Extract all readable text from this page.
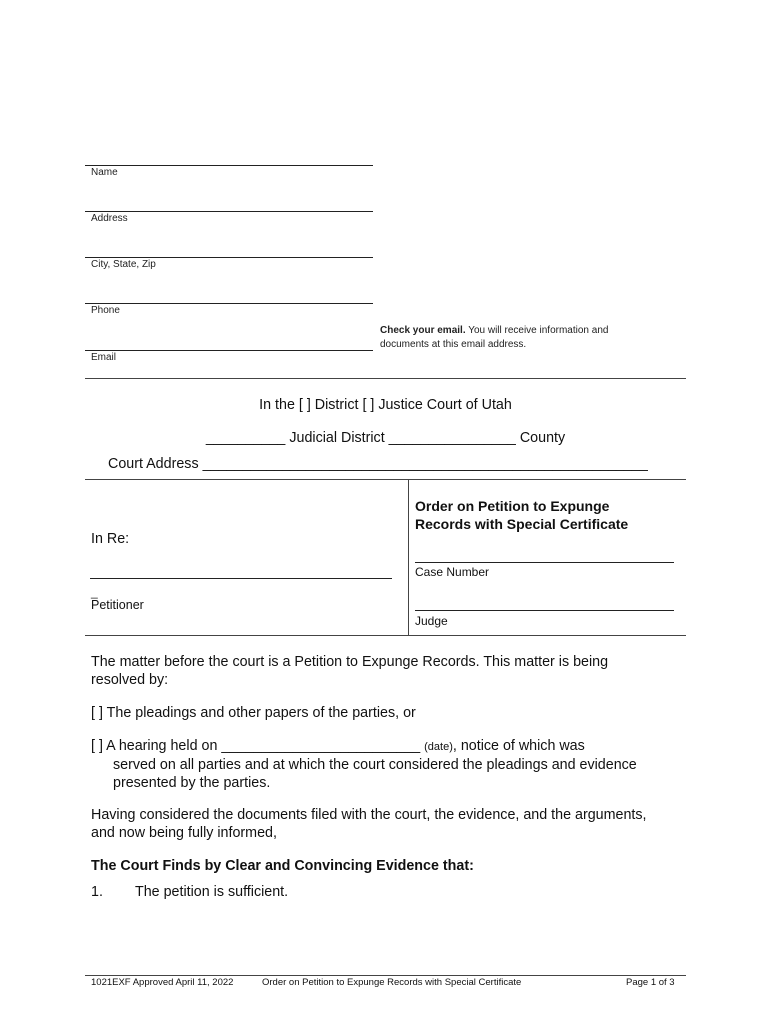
Name
Address
City, State, Zip
Phone
Check your email. You will receive information and
documents at this email address.
Email
In the [ ] District [ ] Justice Court of Utah
__________ Judicial District ________________ County
Court Address ________________________________________________________
In Re:
_
Petitioner
Order on Petition to Expunge
Records with Special Certificate
Case Number
Judge
The matter before the court is a Petition to Expunge Records. This matter is being
resolved by:
[ ] The pleadings and other papers of the parties, or
[ ] A hearing held on _________________________ (date), notice of which was
served on all parties and at which the court considered the pleadings and evidence
presented by the parties.
Having considered the documents filed with the court, the evidence, and the arguments,
and now being fully informed,
The Court Finds by Clear and Convincing Evidence that:
1. The petition is sufficient.
1021EXF Approved April 11, 2022	Order on Petition to Expunge Records with Special Certificate	Page 1 of 3
